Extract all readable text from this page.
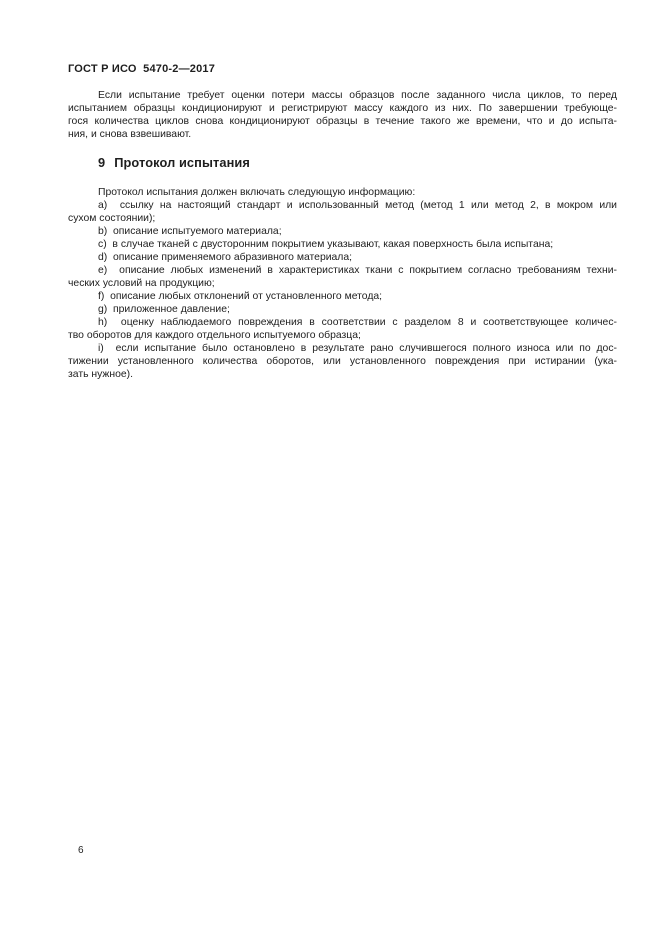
ГОСТ Р ИСО  5470-2—2017
Если испытание требует оценки потери массы образцов после заданного числа циклов, то перед
испытанием образцы кондиционируют и регистрируют массу каждого из них. По завершении требующе-
гося количества циклов снова кондиционируют образцы в течение такого же времени, что и до испыта-
ния, и снова взвешивают.
9 Протокол испытания
Протокол испытания должен включать следующую информацию:
a)  ссылку на настоящий стандарт и использованный метод (метод 1 или метод 2, в мокром или
сухом состоянии);
b)  описание испытуемого материала;
c)  в случае тканей с двусторонним покрытием указывают, какая поверхность была испытана;
d)  описание применяемого абразивного материала;
e)  описание любых изменений в характеристиках ткани с покрытием согласно требованиям техни-
ческих условий на продукцию;
f)  описание любых отклонений от установленного метода;
g)  приложенное давление;
h)  оценку наблюдаемого повреждения в соответствии с разделом 8 и соответствующее количес-
тво оборотов для каждого отдельного испытуемого образца;
i)  если испытание было остановлено в результате рано случившегося полного износа или по дос-
тижении установленного количества оборотов, или установленного повреждения при истирании (ука-
зать нужное).
6
